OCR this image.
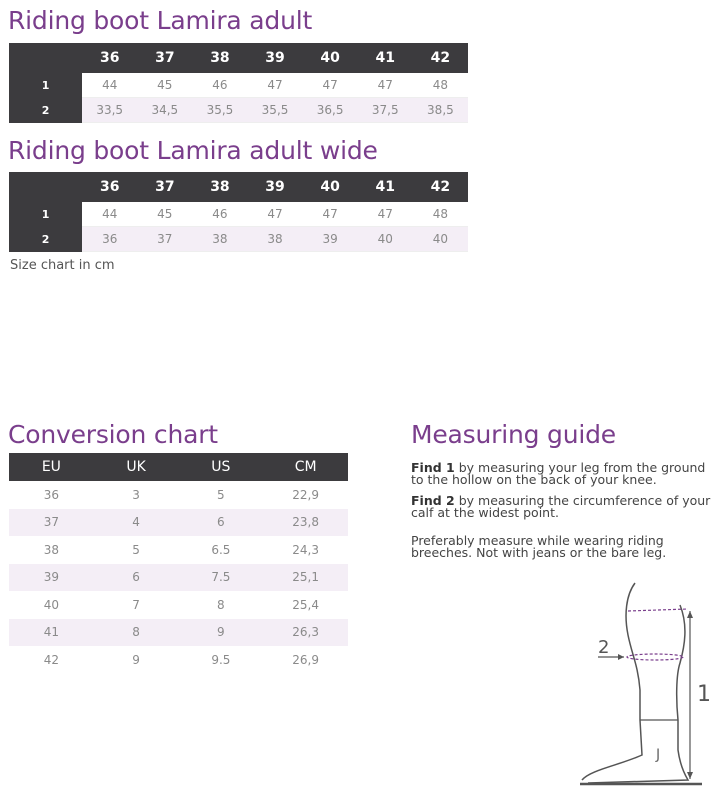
Riding boot Lamira adult
	36	37	38	39	40	41	42
1	44	45	46	47	47	47	48
2	33,5	34,5	35,5	35,5	36,5	37,5	38,5
Riding boot Lamira adult wide
	36	37	38	39	40	41	42
1	44	45	46	47	47	47	48
2	36	37	38	38	39	40	40
Size chart in cm
Conversion chart
EU	UK	US	CM
36	3	5	22,9
37	4	6	23,8
38	5	6.5	24,3
39	6	7.5	25,1
40	7	8	25,4
41	8	9	26,3
42	9	9.5	26,9
Measuring guide

Find 1 by measuring your leg from the ground to the hollow on the back of your knee.

Find 2 by measuring the circumference of your calf at the widest point.

Preferably measure while wearing riding breeches. Not with jeans or the bare leg.

2
1
J
